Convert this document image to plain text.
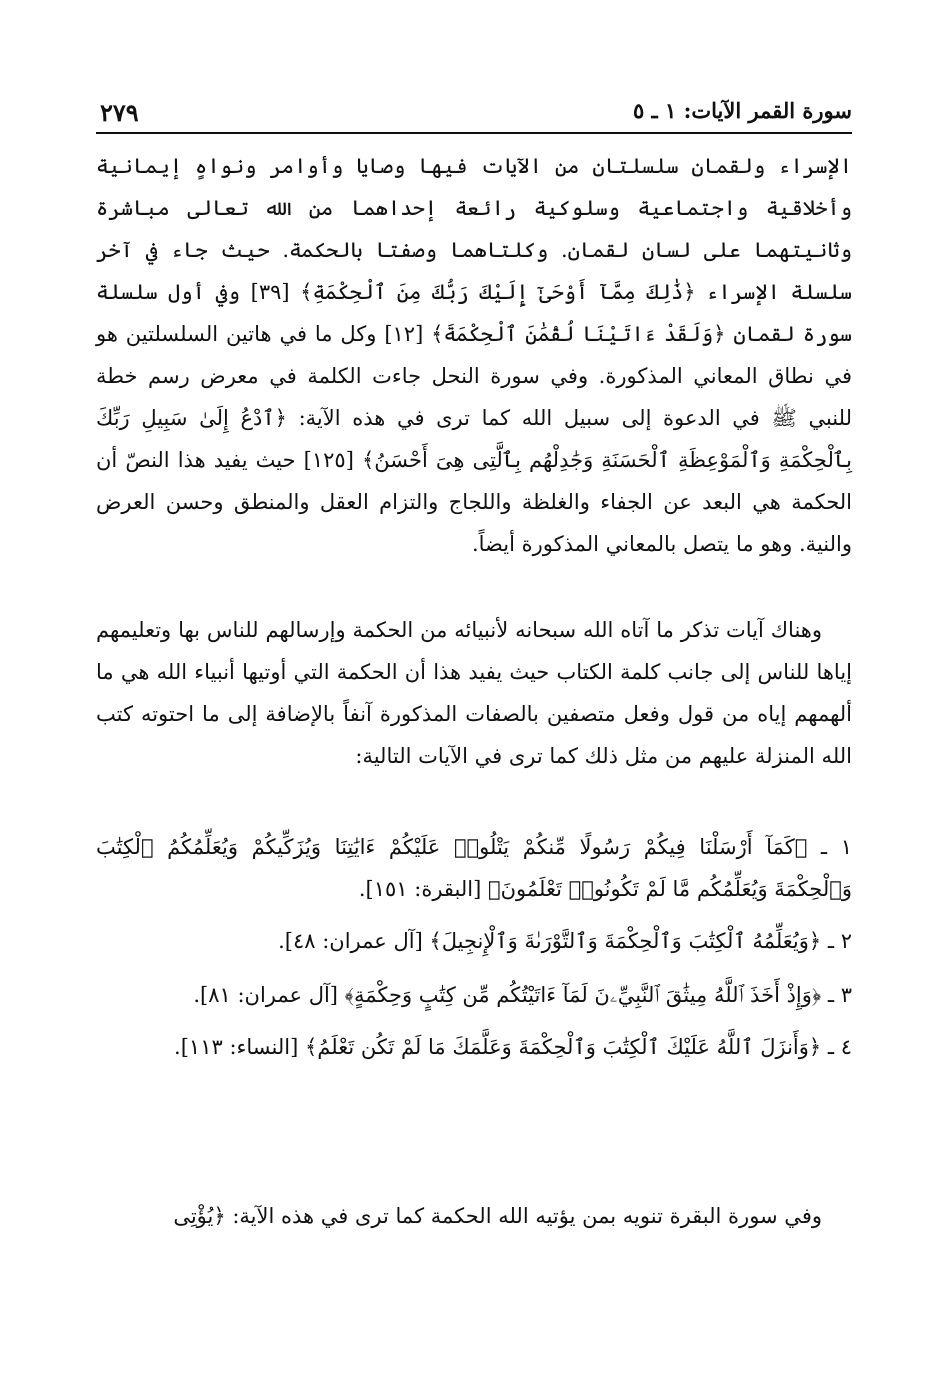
٢٧٩	سورة القمر الآيات: ١ ـ ٥

الإسراء ولقمان سلسلتان من الآيات فيها وصايا وأوامر ونواهٍ إيمانية وأخلاقية واجتماعية وسلوكية رائعة إحداهما من الله تعالى مباشرة وثانيتهما على لسان لقمان. وكلتاهما وصفتا بالحكمة. حيث جاء في آخر سلسلة الإسراء ﴿ذَٰلِكَ مِمَّآ أَوْحَىٰٓ إِلَيْكَ رَبُّكَ مِنَ ٱلْحِكْمَةِ﴾ [٣٩] وفي أول سلسلة سورة لقمان ﴿وَلَقَدْ ءَاتَيْنَا لُقْمَٰنَ ٱلْحِكْمَةَ﴾ [١٢] وكل ما في هاتين السلسلتين هو في نطاق المعاني المذكورة. وفي سورة النحل جاءت الكلمة في معرض رسم خطة للنبي ﷺ في الدعوة إلى سبيل الله كما ترى في هذه الآية: ﴿ٱدْعُ إِلَىٰ سَبِيلِ رَبِّكَ بِٱلْحِكْمَةِ وَٱلْمَوْعِظَةِ ٱلْحَسَنَةِ وَجَٰدِلْهُم بِٱلَّتِى هِىَ أَحْسَنُ﴾ [١٢٥] حيث يفيد هذا النصّ أن الحكمة هي البعد عن الجفاء والغلظة واللجاج والتزام العقل والمنطق وحسن العرض والنية. وهو ما يتصل بالمعاني المذكورة أيضاً.

وهناك آيات تذكر ما آتاه الله سبحانه لأنبيائه من الحكمة وإرسالهم للناس بها وتعليمهم إياها للناس إلى جانب كلمة الكتاب حيث يفيد هذا أن الحكمة التي أوتيها أنبياء الله هي ما ألهمهم إياه من قول وفعل متصفين بالصفات المذكورة آنفاً بالإضافة إلى ما احتوته كتب الله المنزلة عليهم من مثل ذلك كما ترى في الآيات التالية:

١ ـ ﴿كَمَآ أَرْسَلْنَا فِيكُمْ رَسُولًا مِّنكُمْ يَتْلُوا۟ عَلَيْكُمْ ءَايَٰتِنَا وَيُزَكِّيكُمْ وَيُعَلِّمُكُمُ ٱلْكِتَٰبَ وَٱلْحِكْمَةَ وَيُعَلِّمُكُم مَّا لَمْ تَكُونُوا۟ تَعْلَمُونَ﴾ [البقرة: ١٥١].
٢ ـ ﴿وَيُعَلِّمُهُ ٱلْكِتَٰبَ وَٱلْحِكْمَةَ وَٱلتَّوْرَىٰةَ وَٱلْإِنجِيلَ﴾ [آل عمران: ٤٨].
٣ ـ ﴿وَإِذْ أَخَذَ ٱللَّهُ مِيثَٰقَ ٱلنَّبِيِّۦنَ لَمَآ ءَاتَيْتُكُم مِّن كِتَٰبٍ وَحِكْمَةٍ﴾ [آل عمران: ٨١].
٤ ـ ﴿وَأَنزَلَ ٱللَّهُ عَلَيْكَ ٱلْكِتَٰبَ وَٱلْحِكْمَةَ وَعَلَّمَكَ مَا لَمْ تَكُن تَعْلَمُ﴾ [النساء: ١١٣].

وفي سورة البقرة تنويه بمن يؤتيه الله الحكمة كما ترى في هذه الآية: ﴿يُؤْتِى
